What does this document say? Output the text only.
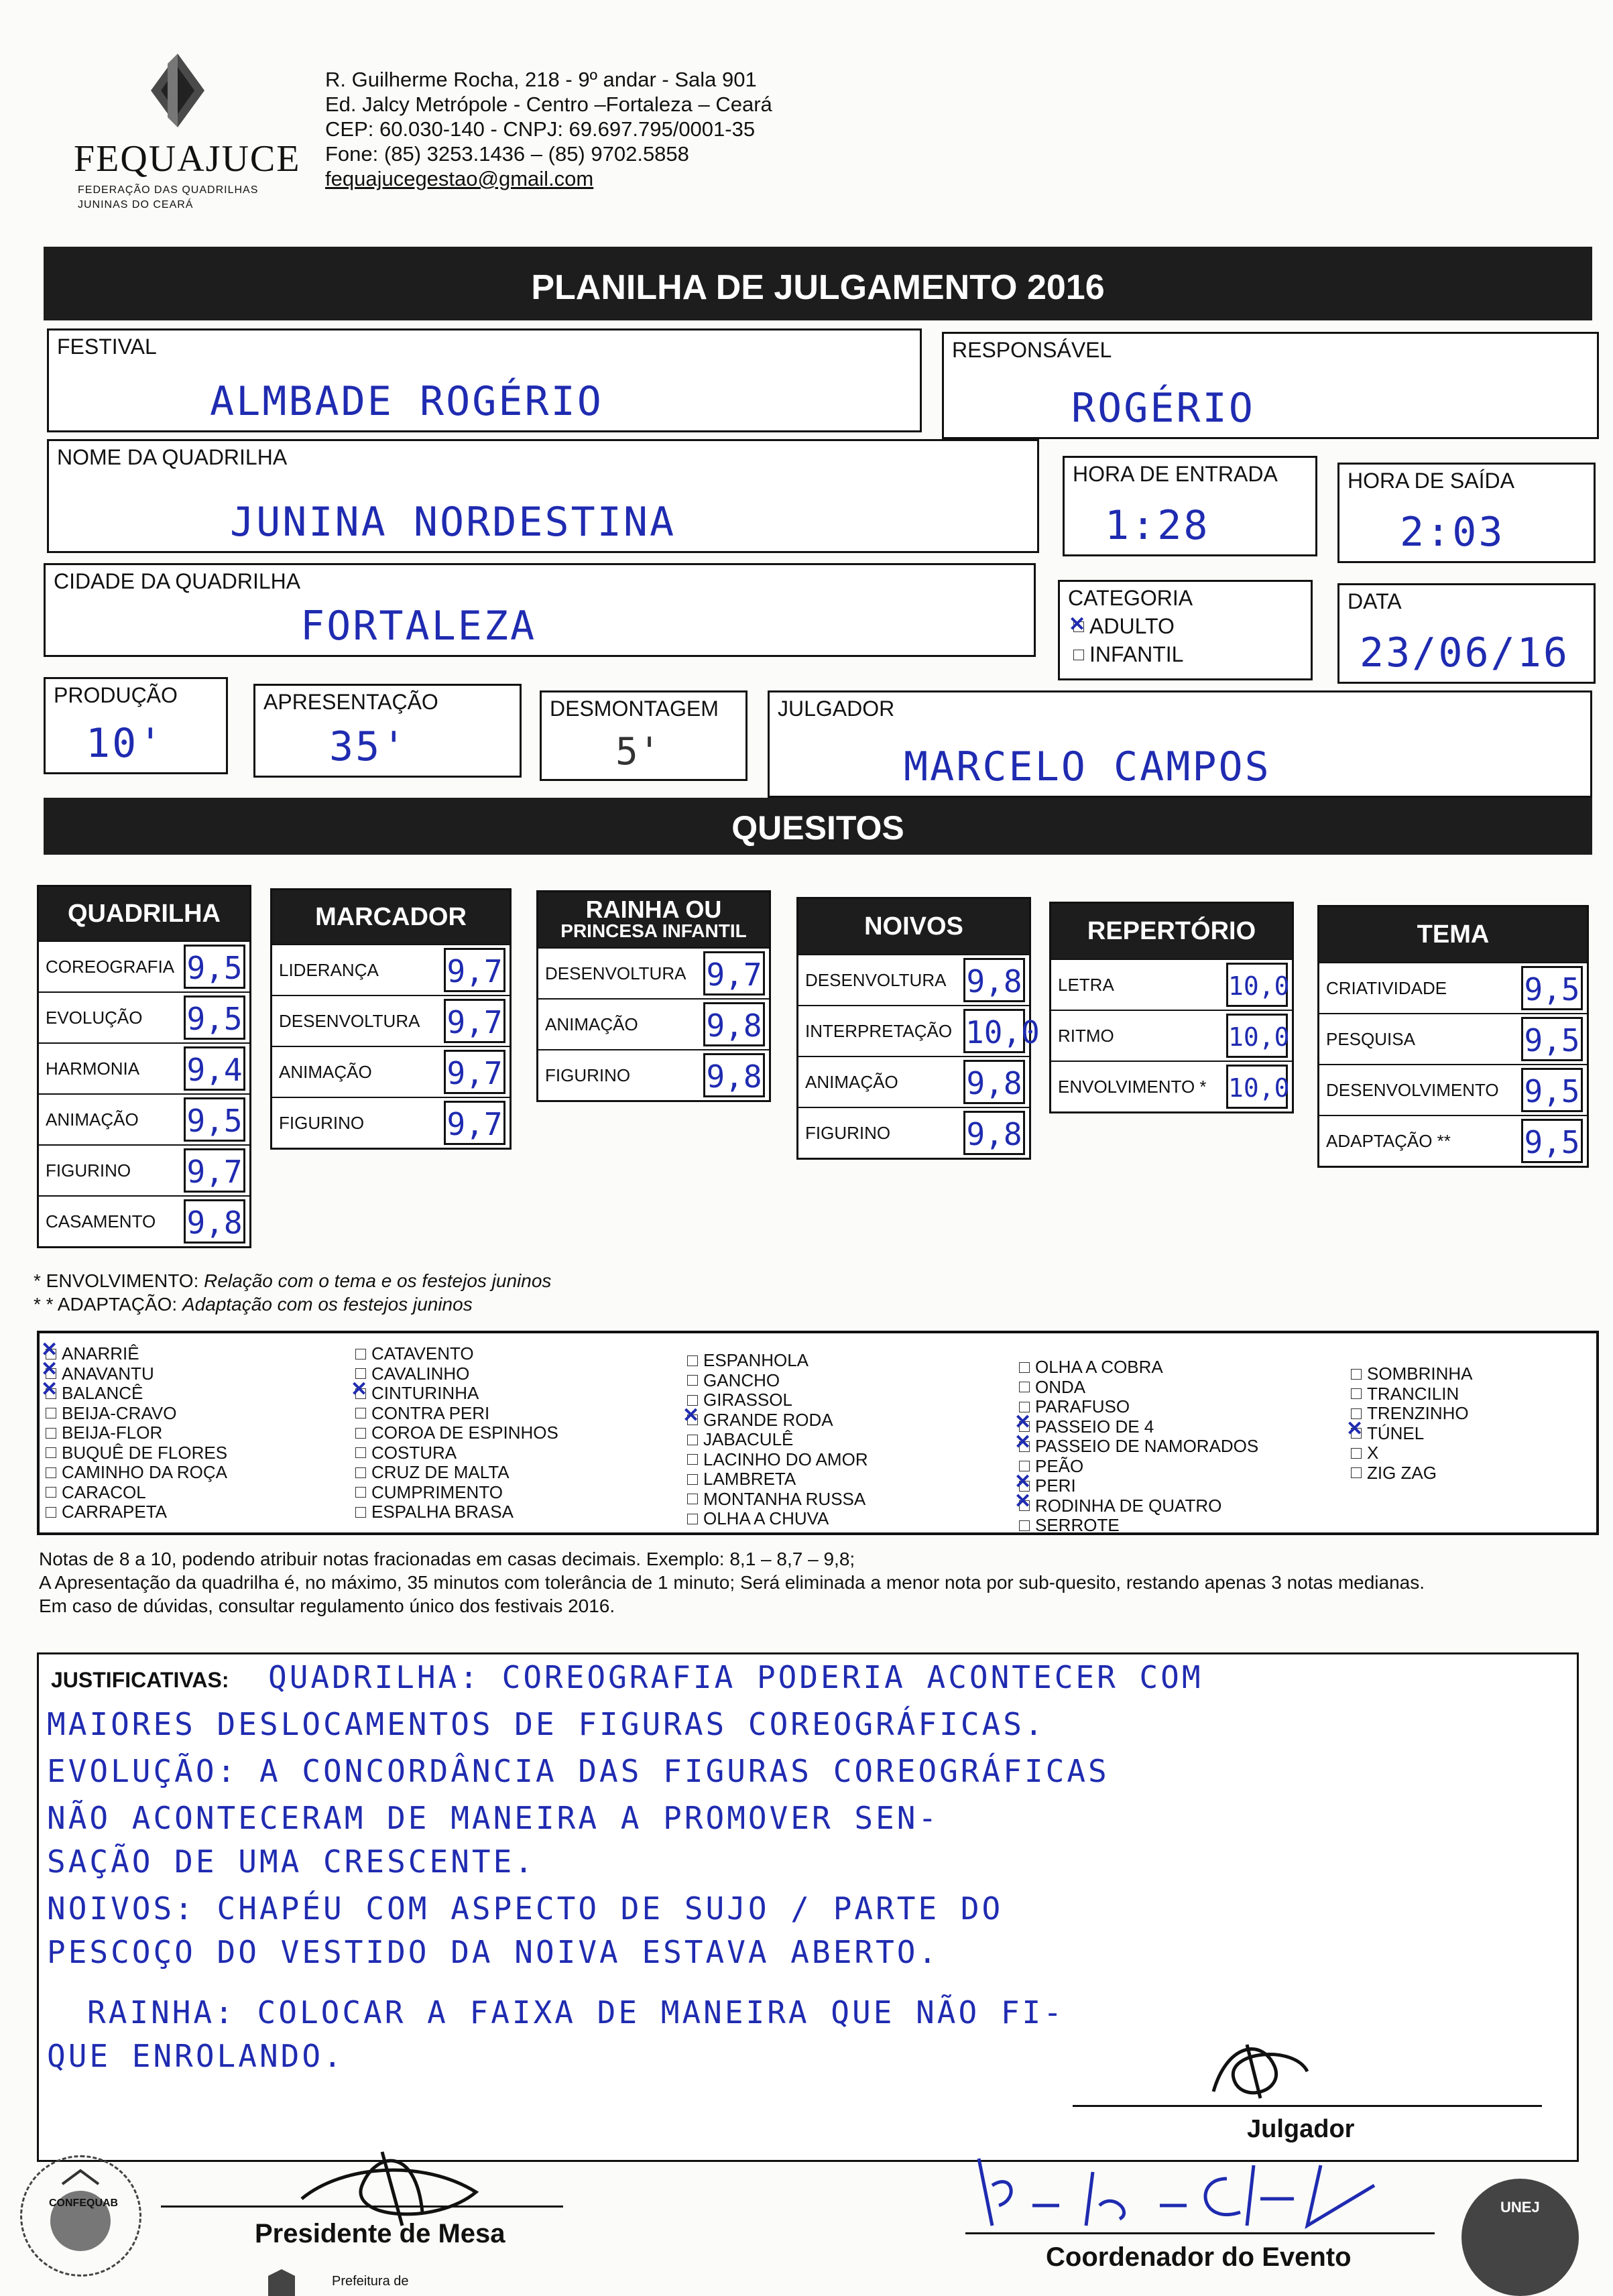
FEQUAJUCE
FEDERAÇÃO DAS QUADRILHAS
JUNINAS DO CEARÁ
R. Guilherme Rocha, 218 - 9º andar - Sala 901
Ed. Jalcy Metrópole - Centro –Fortaleza – Ceará
CEP: 60.030-140 - CNPJ: 69.697.795/0001-35
Fone: (85) 3253.1436 – (85) 9702.5858
fequajucegestao@gmail.com
PLANILHA DE JULGAMENTO 2016
FESTIVAL
ALMBADE ROGÉRIO
RESPONSÁVEL
ROGÉRIO
NOME DA QUADRILHA
JUNINA NORDESTINA
HORA DE ENTRADA
1:28
HORA DE SAÍDA
2:03
CIDADE DA QUADRILHA
FORTALEZA
CATEGORIA
✕
ADULTO
INFANTIL
DATA
23/06/16
PRODUÇÃO
10'
APRESENTAÇÃO
35'
DESMONTAGEM
5'
JULGADOR
MARCELO CAMPOS
QUESITOS
QUADRILHA
COREOGRAFIA 9,5
EVOLUÇÃO 9,5
HARMONIA 9,4
ANIMAÇÃO 9,5
FIGURINO 9,7
CASAMENTO 9,8
MARCADOR
LIDERANÇA 9,7
DESENVOLTURA 9,7
ANIMAÇÃO 9,7
FIGURINO	9,7
RAINHA OU
PRINCESA INFANTIL
DESENVOLTURA 9,7
ANIMAÇÃO 9,8
FIGURINO 9,8
NOIVOS
DESENVOLTURA 9,8
INTERPRETAÇÃO 10,0
ANIMAÇÃO 9,8
FIGURINO 9,8
REPERTÓRIO
LETRA	10,0
RITMO	10,0
ENVOLVIMENTO * 10,0
TEMA
CRIATIVIDADE	9,5
PESQUISA	9,5
DESENVOLVIMENTO 9,5
ADAPTAÇÃO ** 9,5
* ENVOLVIMENTO: Relação com o tema e os festejos juninos
* * ADAPTAÇÃO: Adaptação com os festejos juninos
✕
ANARRIÊ
✕
ANAVANTU
✕
BALANCÊ
BEIJA-CRAVO
BEIJA-FLOR
BUQUÊ DE FLORES
CAMINHO DA ROÇA
CARACOL
CARRAPETA
CATAVENTO
CAVALINHO
✕
CINTURINHA
CONTRA PERI
COROA DE ESPINHOS
COSTURA
CRUZ DE MALTA
CUMPRIMENTO
ESPALHA BRASA
ESPANHOLA
GANCHO
GIRASSOL
✕
GRANDE RODA
JABACULÊ
LACINHO DO AMOR
LAMBRETA
MONTANHA RUSSA
OLHA A CHUVA
OLHA A COBRA
ONDA
PARAFUSO
✕
PASSEIO DE 4
✕
PASSEIO DE NAMORADOS
PEÃO
✕
PERI
✕
RODINHA DE QUATRO
SERROTE
SOMBRINHA
TRANCILIN
TRENZINHO
✕
TÚNEL
X
ZIG ZAG
Notas de 8 a 10, podendo atribuir notas fracionadas em casas decimais. Exemplo: 8,1 – 8,7 – 9,8;
A Apresentação da quadrilha é, no máximo, 35 minutos com tolerância de 1 minuto; Será eliminada a menor nota por sub-quesito, restando apenas 3 notas medianas.
Em caso de dúvidas, consultar regulamento único dos festivais 2016.
JUSTIFICATIVAS: QUADRILHA: COREOGRAFIA PODERIA ACONTECER COM
MAIORES DESLOCAMENTOS DE FIGURAS COREOGRÁFICAS.
EVOLUÇÃO: A CONCORDÂNCIA DAS FIGURAS COREOGRÁFICAS
NÃO ACONTECERAM DE MANEIRA A PROMOVER SEN-
SAÇÃO DE UMA CRESCENTE.
NOIVOS: CHAPÉU COM ASPECTO DE SUJO / PARTE DO
PESCOÇO DO VESTIDO DA NOIVA ESTAVA ABERTO.
RAINHA: COLOCAR A FAIXA DE MANEIRA QUE NÃO FI-
QUE ENROLANDO.
Julgador
Presidente de Mesa
Coordenador do Evento
CONFEQUAB	UNEJ
Prefeitura de
